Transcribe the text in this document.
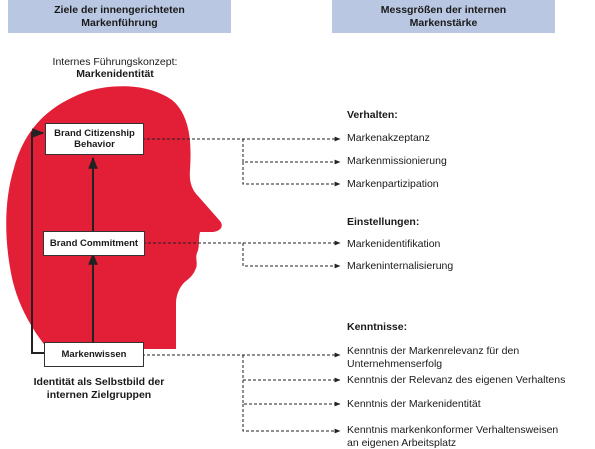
Ziele der innengerichteten
Markenführung
Messgrößen der internen
Markenstärke
Internes Führungskonzept:
Markenidentität
Brand Citizenship
Behavior
Brand Commitment
Markenwissen
Identität als Selbstbild der
internen Zielgruppen
Verhalten:
Markenakzeptanz
Markenmissionierung
Markenpartizipation
Einstellungen:
Markenidentifikation
Markeninternalisierung
Kenntnisse:
Kenntnis der Markenrelevanz für den
Unternehmenserfolg
Kenntnis der Relevanz des eigenen Verhaltens
Kenntnis der Markenidentität
Kenntnis markenkonformer Verhaltensweisen
an eigenen Arbeitsplatz
